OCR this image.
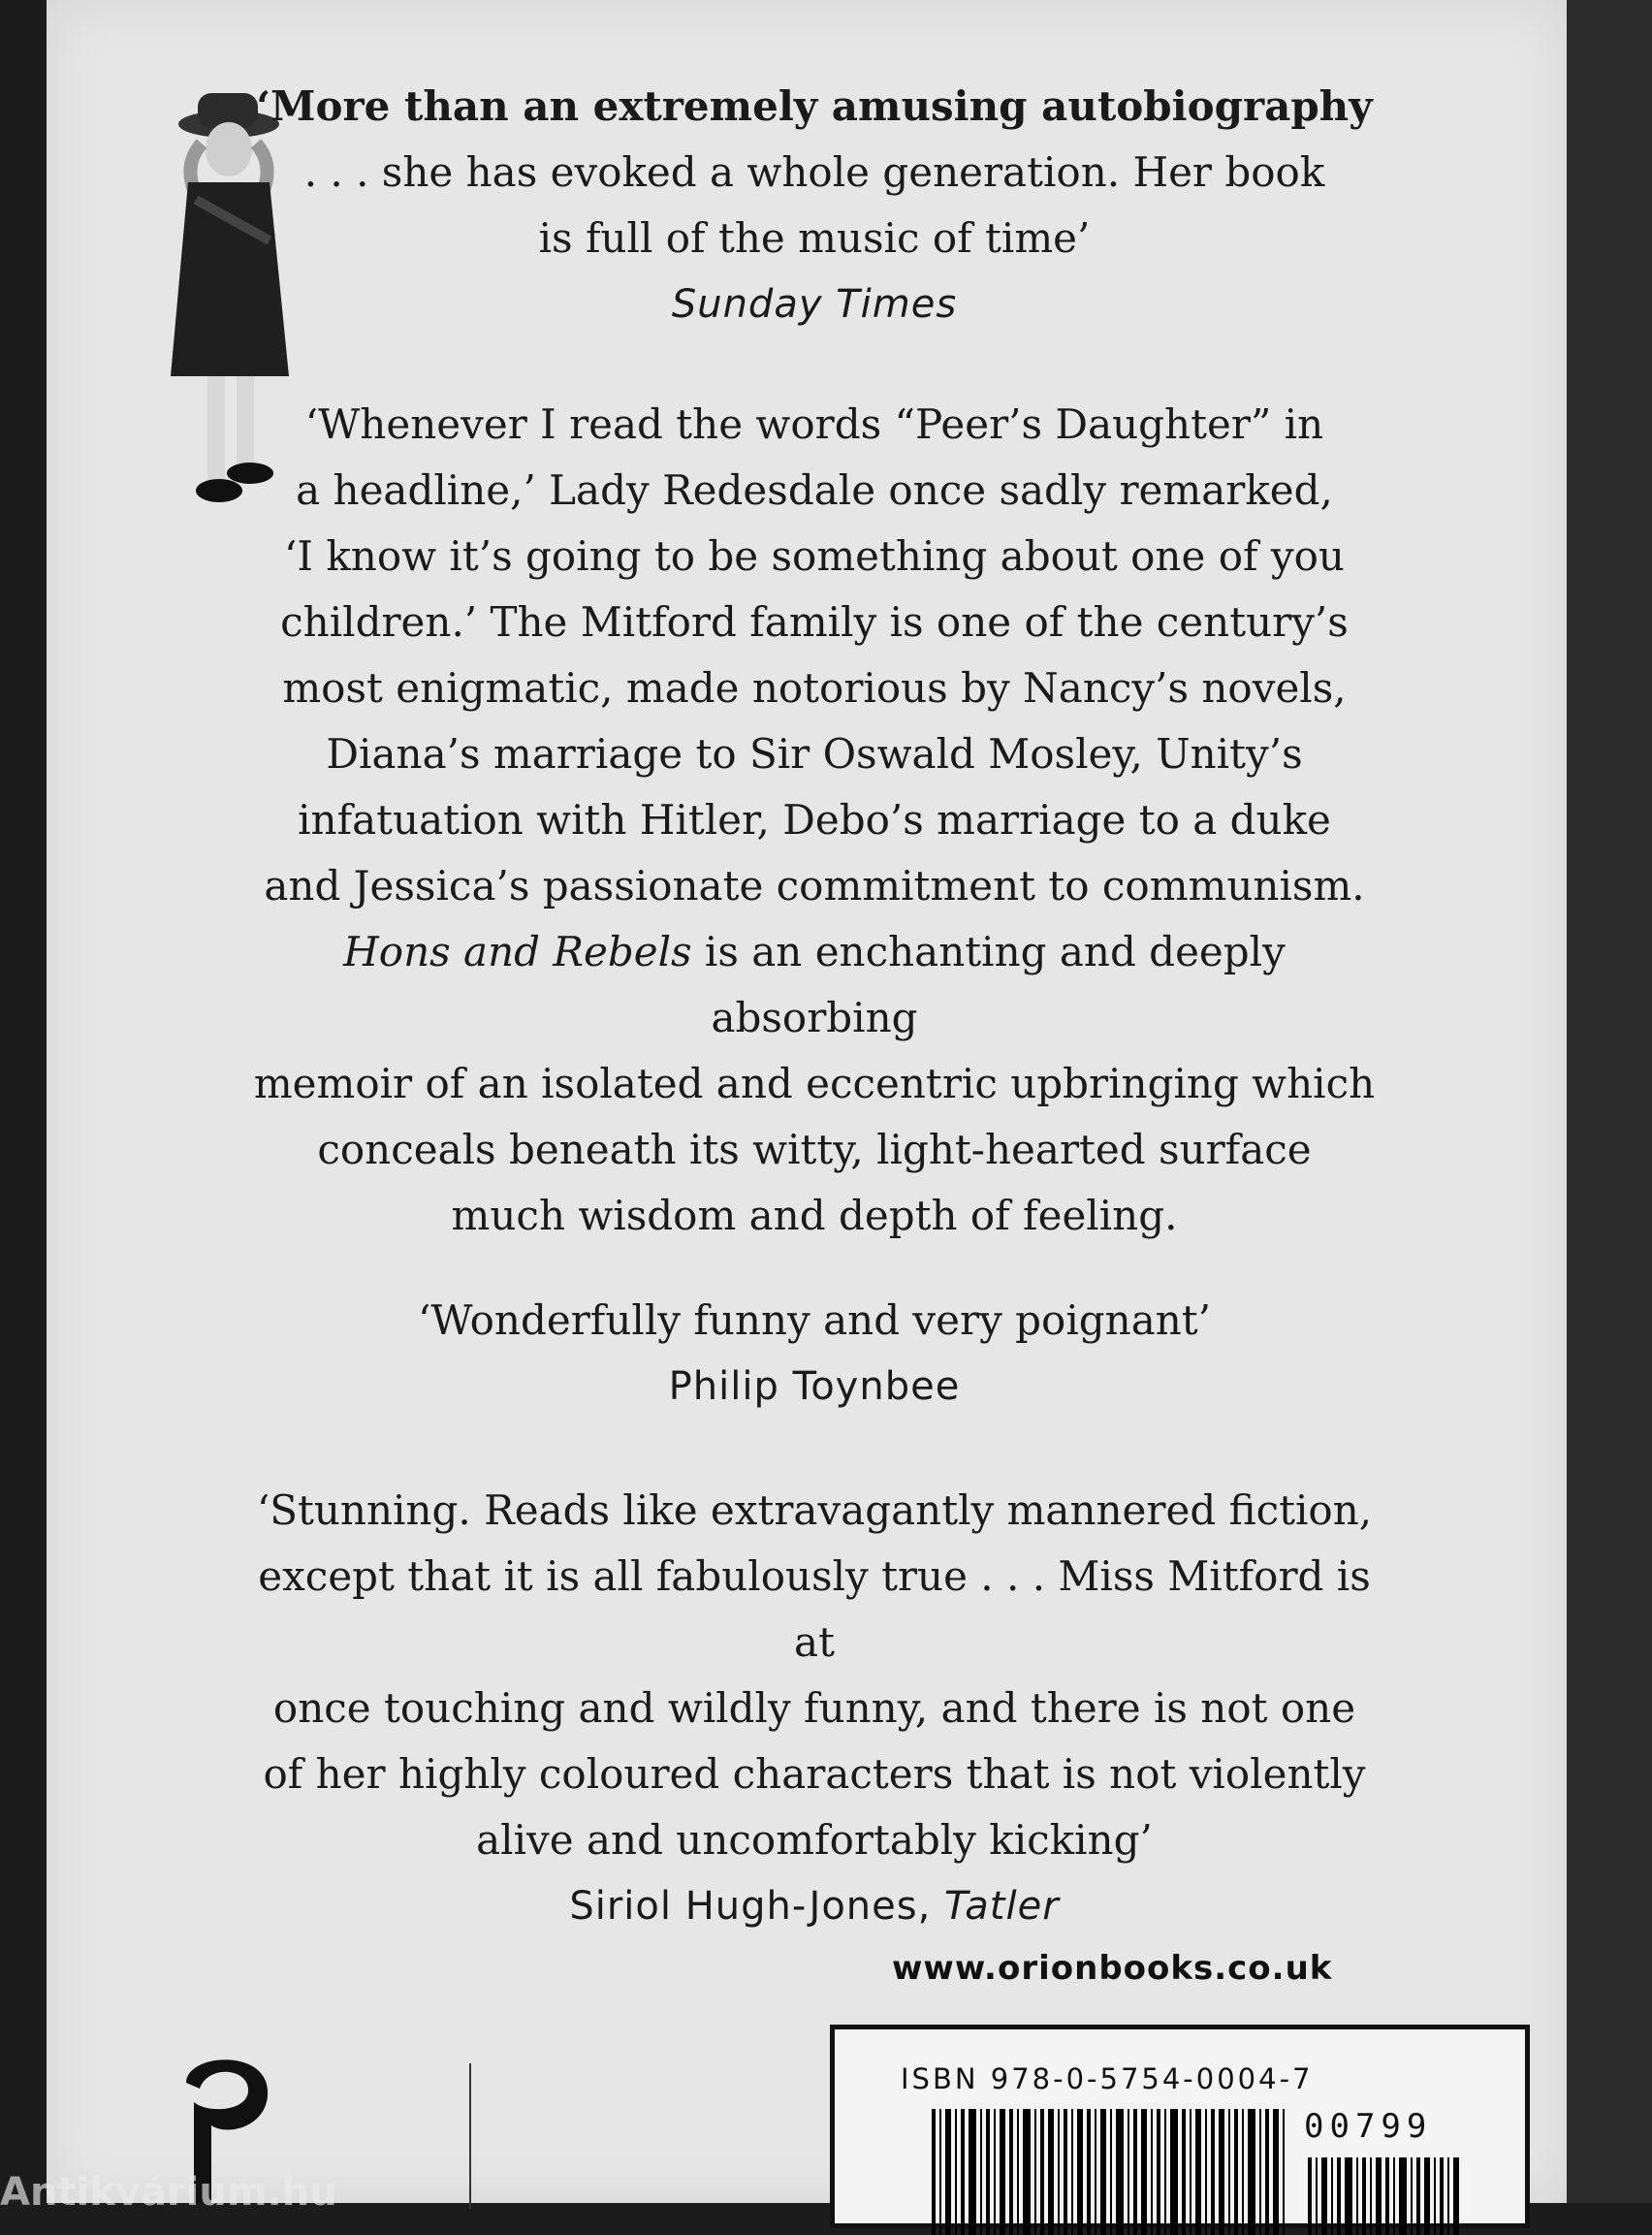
‘More than an extremely amusing autobiography

. . . she has evoked a whole generation. Her book

is full of the music of time’

Sunday Times

‘Whenever I read the words “Peer’s Daughter” in

a headline,’ Lady Redesdale once sadly remarked,

‘I know it’s going to be something about one of you

children.’ The Mitford family is one of the century’s

most enigmatic, made notorious by Nancy’s novels,

Diana’s marriage to Sir Oswald Mosley, Unity’s

infatuation with Hitler, Debo’s marriage to a duke

and Jessica’s passionate commitment to communism.

Hons and Rebels is an enchanting and deeply absorbing

memoir of an isolated and eccentric upbringing which

conceals beneath its witty, light-hearted surface

much wisdom and depth of feeling.

‘Wonderfully funny and very poignant’

Philip Toynbee

‘Stunning. Reads like extravagantly mannered fiction,

except that it is all fabulously true . . . Miss Mitford is at

once touching and wildly funny, and there is not one

of her highly coloured characters that is not violently

alive and uncomfortably kicking’

Siriol Hugh-Jones, Tatler

www.orionbooks.co.uk
ISBN 978-0-5754-0004-7
00799
Antikvárium.hu
